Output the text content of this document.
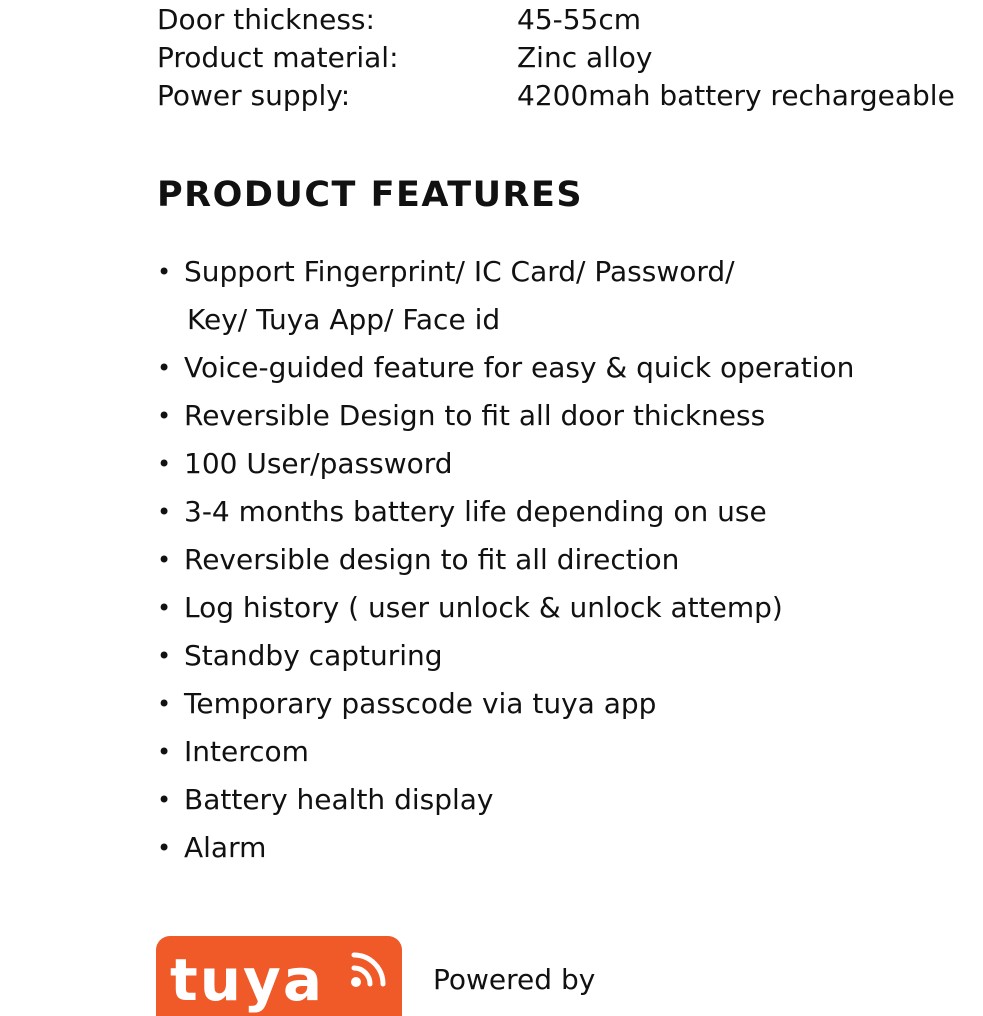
Door thickness:	45-55cm
Product material:	Zinc alloy
Power supply:	4200mah battery rechargeable
PRODUCT FEATURES
• Support Fingerprint/ IC Card/ Password/
Key/ Tuya App/ Face id
• Voice-guided feature for easy & quick operation
• Reversible Design to fit all door thickness
• 100 User/password
• 3-4 months battery life depending on use
• Reversible design to fit all direction
• Log history ( user unlock & unlock attemp)
• Standby capturing
• Temporary passcode via tuya app
• Intercom
• Battery health display
• Alarm
tuya	Powered by
